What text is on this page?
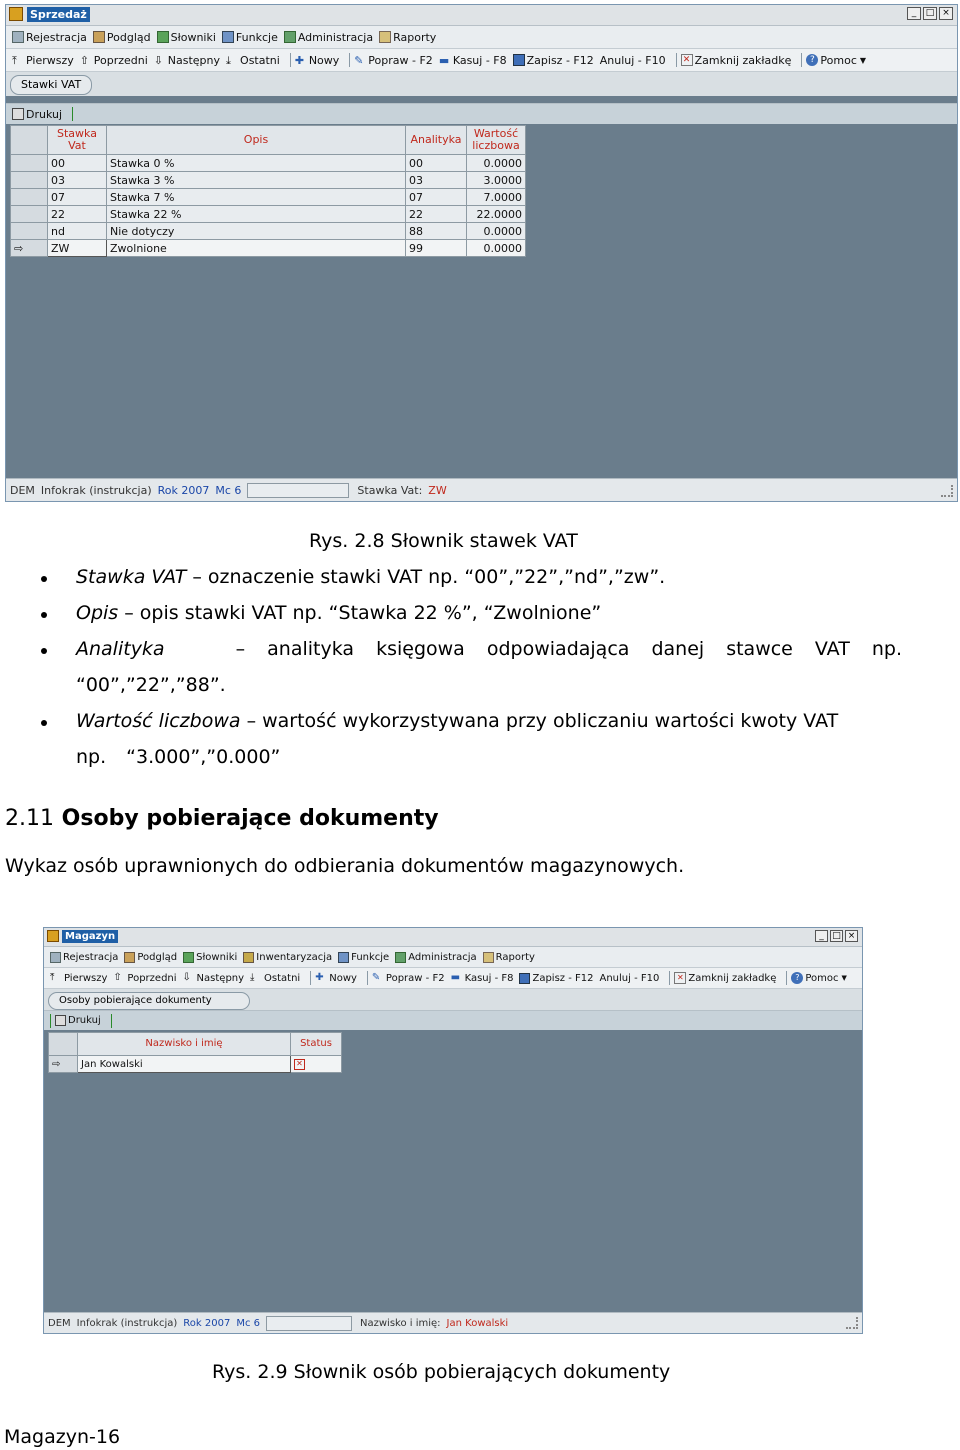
Sprzedaż	_	□ ×
Rejestracja Podgląd Słowniki Funkcje Administracja Raporty
⤒ Pierwszy ⇧ Poprzedni ⇩ Następny ⤓ Ostatni ✚ Nowy ✎ Popraw - F2 ▬ Kasuj - F8 Zapisz - F12 Anuluj - F10 ✕ Zamknij zakładkę	? Pomoc ▼
Stawki VAT
Drukuj
	Stawka Vat	Opis	Analityka	Wartość liczbowa
	00	Stawka 0 %	00	0.0000
	03	Stawka 3 %	03	3.0000
	07	Stawka 7 %	07	7.0000
	22	Stawka 22 %	22	22.0000
	nd	Nie dotyczy	88	0.0000
⇨	ZW	Zwolnione	99	0.0000
DEM Infokrak (instrukcja) Rok 2007 Mc 6	Stawka Vat: ZW
Rys. 2.8 Słownik stawek VAT
Stawka VAT – oznaczenie stawki VAT np. “00”,”22”,”nd”,”zw”.
Opis – opis stawki VAT np. “Stawka 22 %”, “Zwolnione”
Analityka	– analityka księgowa odpowiadająca danej stawce VAT np.
“00”,”22”,”88”.
Wartość liczbowa – wartość wykorzystywana przy obliczaniu wartości kwoty VAT
np. “3.000”,”0.000”
2.11 Osoby pobierające dokumenty
Wykaz osób uprawnionych do odbierania dokumentów magazynowych.
Magazyn	_ □ ×
Rejestracja Podgląd Słowniki Inwentaryzacja Funkcje Administracja Raporty
⤒ Pierwszy ⇧ Poprzedni ⇩ Następny ⤓ Ostatni ✚ Nowy ✎ Popraw - F2 ▬ Kasuj - F8 Zapisz - F12 Anuluj - F10	✕ Zamknij zakładkę	? Pomoc ▼
Osoby pobierające dokumenty
Drukuj
	Nazwisko i imię	Status
⇨	Jan Kowalski	✕
DEM Infokrak (instrukcja) Rok 2007 Mc 6	Nazwisko i imię: Jan Kowalski
Rys. 2.9 Słownik osób pobierających dokumenty
Magazyn-16
